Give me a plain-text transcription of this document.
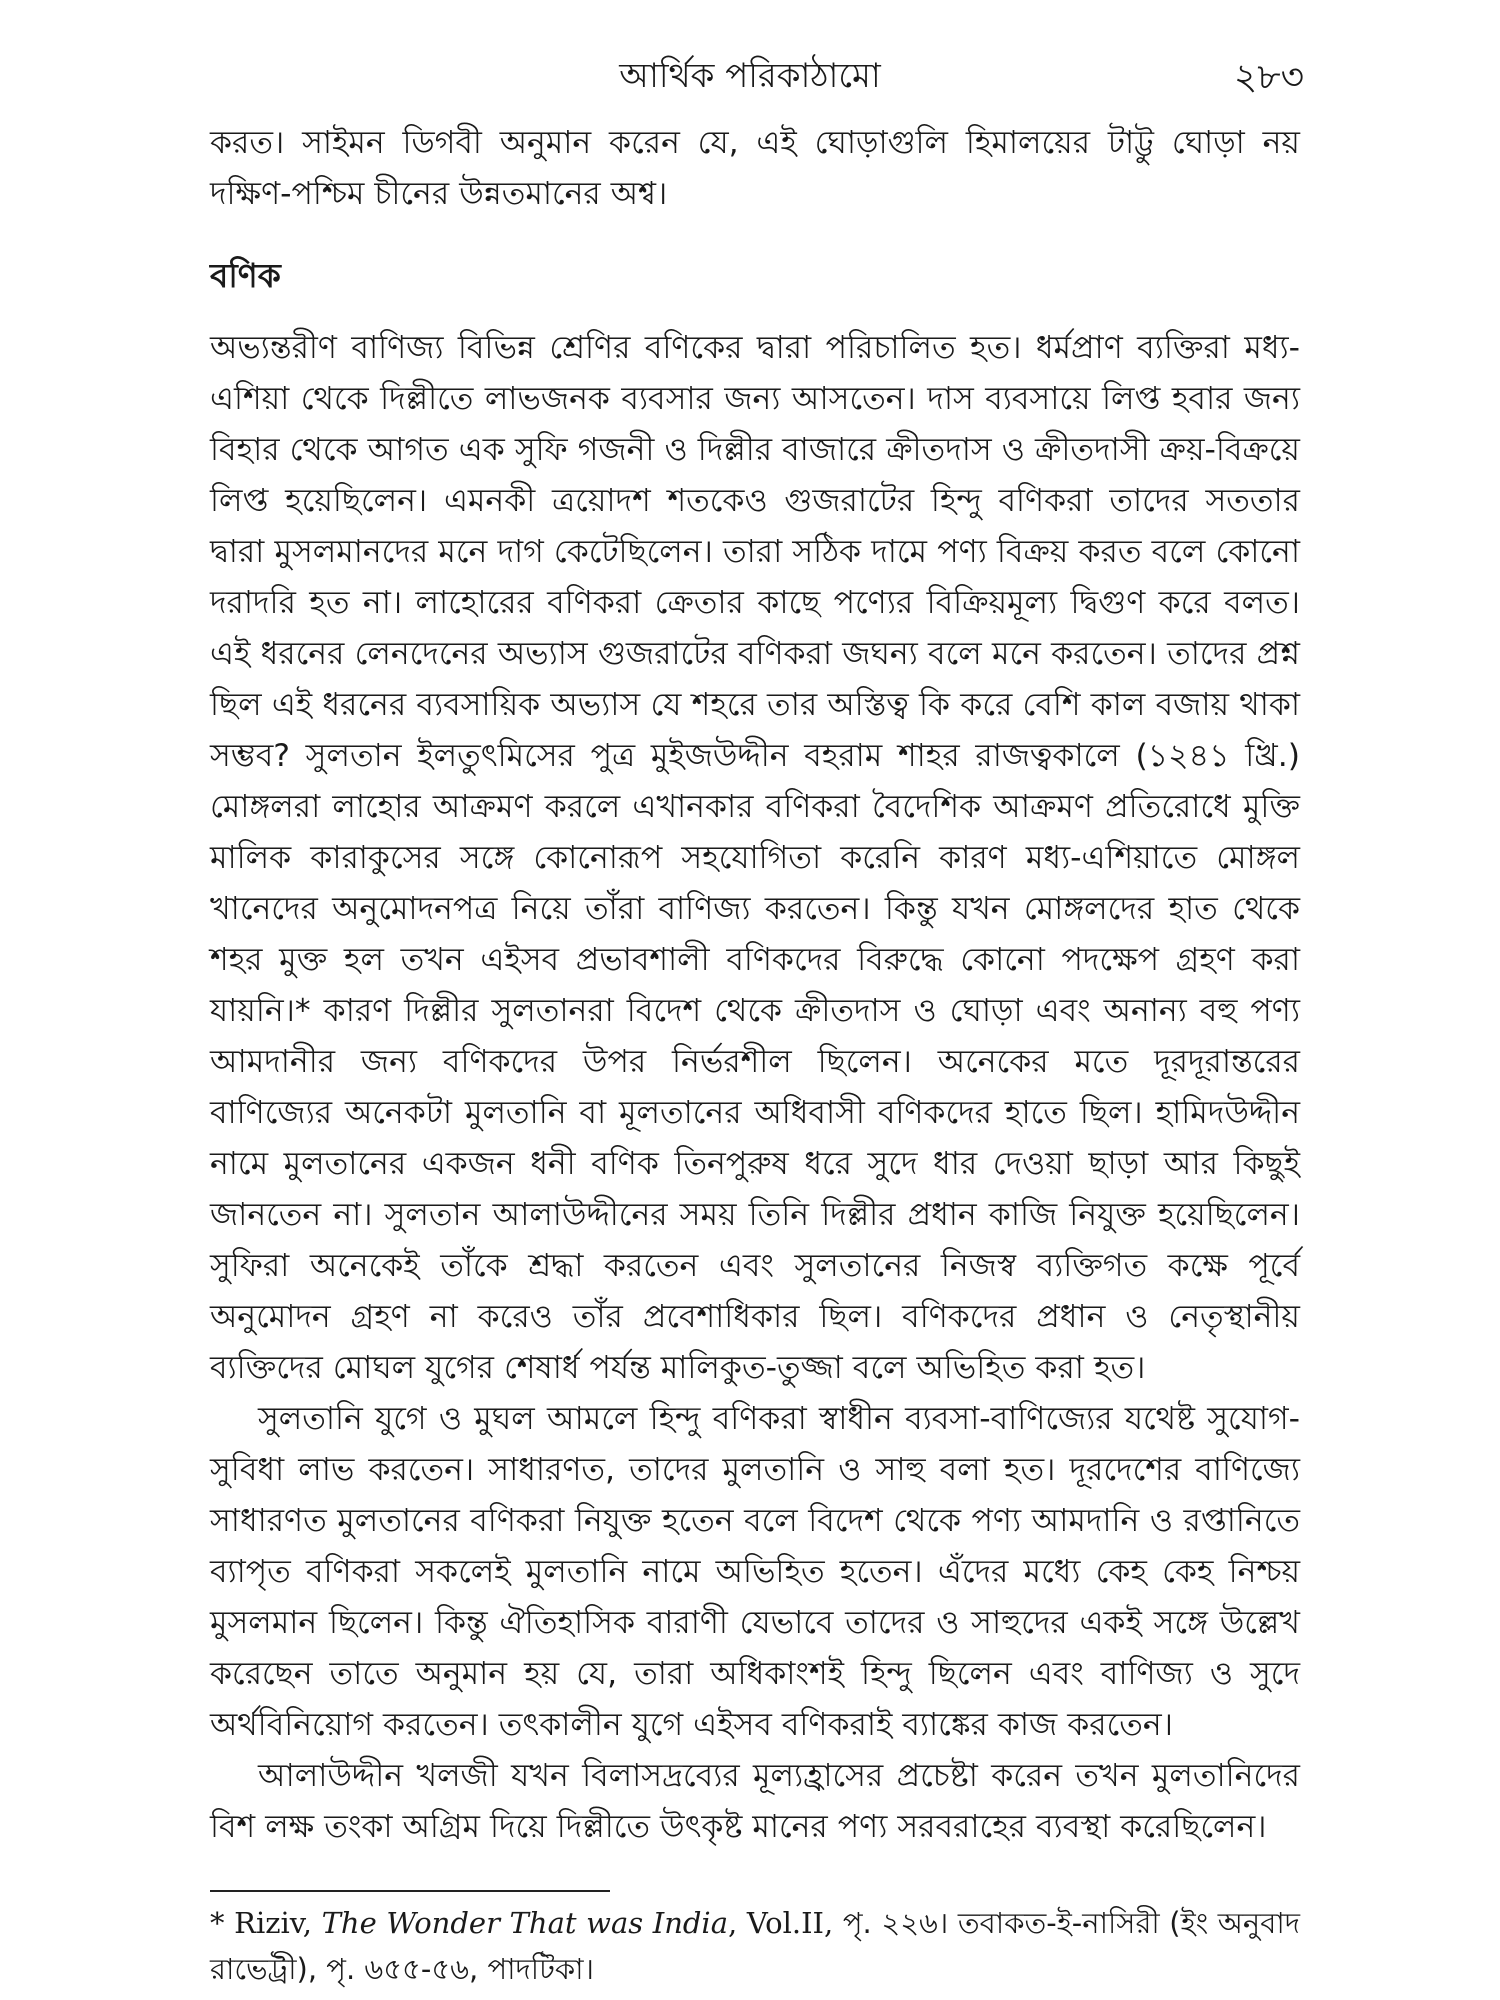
আর্থিক পরিকাঠামো	২৮৩

করত। সাইমন ডিগবী অনুমান করেন যে, এই ঘোড়াগুলি হিমালয়ের টাট্টু ঘোড়া নয় দক্ষিণ-পশ্চিম চীনের উন্নতমানের অশ্ব।

বণিক

অভ্যন্তরীণ বাণিজ্য বিভিন্ন শ্রেণির বণিকের দ্বারা পরিচালিত হত। ধর্মপ্রাণ ব্যক্তিরা মধ্য-এশিয়া থেকে দিল্লীতে লাভজনক ব্যবসার জন্য আসতেন। দাস ব্যবসায়ে লিপ্ত হবার জন্য বিহার থেকে আগত এক সুফি গজনী ও দিল্লীর বাজারে ক্রীতদাস ও ক্রীতদাসী ক্রয়-বিক্রয়ে লিপ্ত হয়েছিলেন। এমনকী ত্রয়োদশ শতকেও গুজরাটের হিন্দু বণিকরা তাদের সততার দ্বারা মুসলমানদের মনে দাগ কেটেছিলেন। তারা সঠিক দামে পণ্য বিক্রয় করত বলে কোনো দরাদরি হত না। লাহোরের বণিকরা ক্রেতার কাছে পণ্যের বিক্রিয়মূল্য দ্বিগুণ করে বলত। এই ধরনের লেনদেনের অভ্যাস গুজরাটের বণিকরা জঘন্য বলে মনে করতেন। তাদের প্রশ্ন ছিল এই ধরনের ব্যবসায়িক অভ্যাস যে শহরে তার অস্তিত্ব কি করে বেশি কাল বজায় থাকা সম্ভব? সুলতান ইলতুৎমিসের পুত্র মুইজউদ্দীন বহরাম শাহর রাজত্বকালে (১২৪১ খ্রি.) মোঙ্গলরা লাহোর আক্রমণ করলে এখানকার বণিকরা বৈদেশিক আক্রমণ প্রতিরোধে মুক্তি মালিক কারাকুসের সঙ্গে কোনোরূপ সহযোগিতা করেনি কারণ মধ্য-এশিয়াতে মোঙ্গল খানেদের অনুমোদনপত্র নিয়ে তাঁরা বাণিজ্য করতেন। কিন্তু যখন মোঙ্গলদের হাত থেকে শহর মুক্ত হল তখন এইসব প্রভাবশালী বণিকদের বিরুদ্ধে কোনো পদক্ষেপ গ্রহণ করা যায়নি।* কারণ দিল্লীর সুলতানরা বিদেশ থেকে ক্রীতদাস ও ঘোড়া এবং অনান্য বহু পণ্য আমদানীর জন্য বণিকদের উপর নির্ভরশীল ছিলেন। অনেকের মতে দূরদূরান্তরের বাণিজ্যের অনেকটা মুলতানি বা মূলতানের অধিবাসী বণিকদের হাতে ছিল। হামিদউদ্দীন নামে মুলতানের একজন ধনী বণিক তিনপুরুষ ধরে সুদে ধার দেওয়া ছাড়া আর কিছুই জানতেন না। সুলতান আলাউদ্দীনের সময় তিনি দিল্লীর প্রধান কাজি নিযুক্ত হয়েছিলেন। সুফিরা অনেকেই তাঁকে শ্রদ্ধা করতেন এবং সুলতানের নিজস্ব ব্যক্তিগত কক্ষে পূর্বে অনুমোদন গ্রহণ না করেও তাঁর প্রবেশাধিকার ছিল। বণিকদের প্রধান ও নেতৃস্থানীয় ব্যক্তিদের মোঘল যুগের শেষার্ধ পর্যন্ত মালিকুত-তুজ্জা বলে অভিহিত করা হত।

সুলতানি যুগে ও মুঘল আমলে হিন্দু বণিকরা স্বাধীন ব্যবসা-বাণিজ্যের যথেষ্ট সুযোগ-সুবিধা লাভ করতেন। সাধারণত, তাদের মুলতানি ও সাহু বলা হত। দূরদেশের বাণিজ্যে সাধারণত মুলতানের বণিকরা নিযুক্ত হতেন বলে বিদেশ থেকে পণ্য আমদানি ও রপ্তানিতে ব্যাপৃত বণিকরা সকলেই মুলতানি নামে অভিহিত হতেন। এঁদের মধ্যে কেহ কেহ নিশ্চয় মুসলমান ছিলেন। কিন্তু ঐতিহাসিক বারাণী যেভাবে তাদের ও সাহুদের একই সঙ্গে উল্লেখ করেছেন তাতে অনুমান হয় যে, তারা অধিকাংশই হিন্দু ছিলেন এবং বাণিজ্য ও সুদে অর্থবিনিয়োগ করতেন। তৎকালীন যুগে এইসব বণিকরাই ব্যাঙ্কের কাজ করতেন।

আলাউদ্দীন খলজী যখন বিলাসদ্রব্যের মূল্যহ্রাসের প্রচেষ্টা করেন তখন মুলতানিদের বিশ লক্ষ তংকা অগ্রিম দিয়ে দিল্লীতে উৎকৃষ্ট মানের পণ্য সরবরাহের ব্যবস্থা করেছিলেন।

* Riziv, The Wonder That was India, Vol.II, পৃ. ২২৬। তবাকত-ই-নাসিরী (ইং অনুবাদ রাভেট্রী), পৃ. ৬৫৫-৫৬, পাদটিকা।
